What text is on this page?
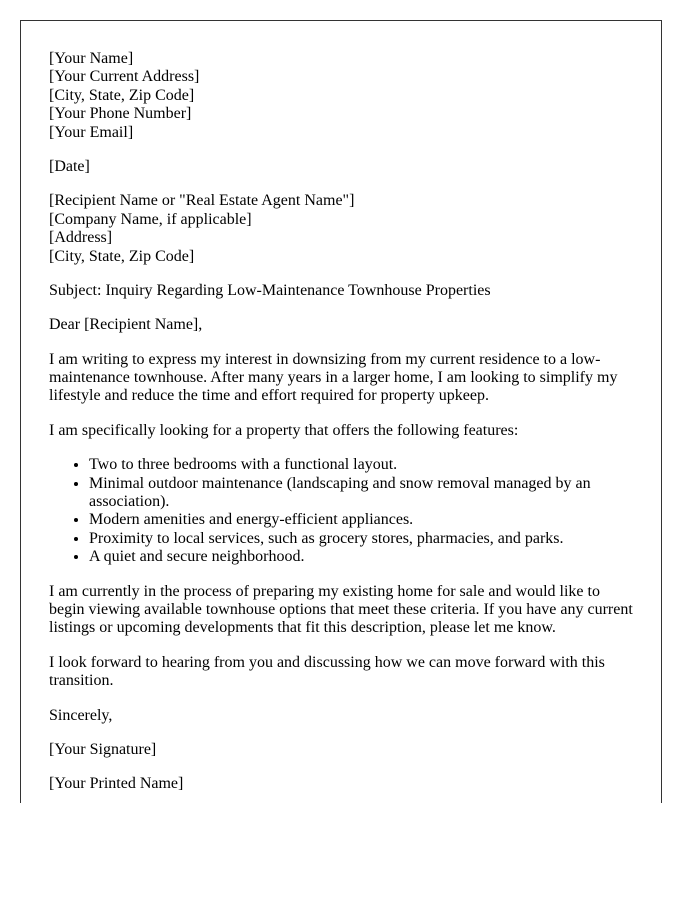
[Your Name]
[Your Current Address]
[City, State, Zip Code]
[Your Phone Number]
[Your Email]

[Date]

[Recipient Name or "Real Estate Agent Name"]
[Company Name, if applicable]
[Address]
[City, State, Zip Code]

Subject: Inquiry Regarding Low-Maintenance Townhouse Properties

Dear [Recipient Name],

I am writing to express my interest in downsizing from my current residence to a low-maintenance townhouse. After many years in a larger home, I am looking to simplify my lifestyle and reduce the time and effort required for property upkeep.

I am specifically looking for a property that offers the following features:

• Two to three bedrooms with a functional layout.
• Minimal outdoor maintenance (landscaping and snow removal managed by an association).
• Modern amenities and energy-efficient appliances.
• Proximity to local services, such as grocery stores, pharmacies, and parks.
• A quiet and secure neighborhood.

I am currently in the process of preparing my existing home for sale and would like to begin viewing available townhouse options that meet these criteria. If you have any current listings or upcoming developments that fit this description, please let me know.

I look forward to hearing from you and discussing how we can move forward with this transition.

Sincerely,

[Your Signature]

[Your Printed Name]
